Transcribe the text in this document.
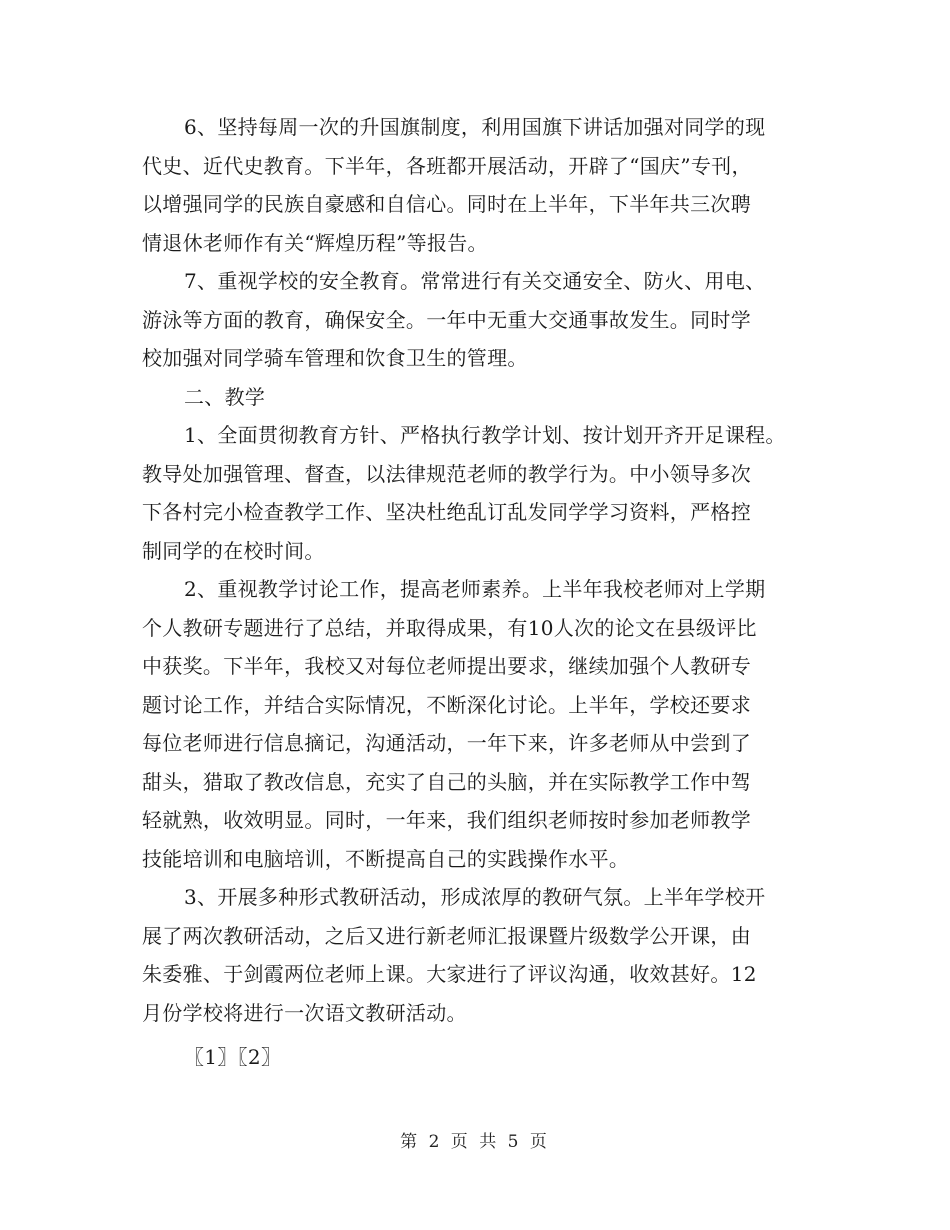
6、坚持每周一次的升国旗制度，利用国旗下讲话加强对同学的现
代史、近代史教育。下半年，各班都开展活动，开辟了“国庆”专刊，
以增强同学的民族自豪感和自信心。同时在上半年，下半年共三次聘
情退休老师作有关“辉煌历程”等报告。
7、重视学校的安全教育。常常进行有关交通安全、防火、用电、
游泳等方面的教育，确保安全。一年中无重大交通事故发生。同时学
校加强对同学骑车管理和饮食卫生的管理。
二、教学
1、全面贯彻教育方针、严格执行教学计划、按计划开齐开足课程。
教导处加强管理、督查，以法律规范老师的教学行为。中小领导多次
下各村完小检查教学工作、坚决杜绝乱订乱发同学学习资料，严格控
制同学的在校时间。
2、重视教学讨论工作，提高老师素养。上半年我校老师对上学期
个人教研专题进行了总结，并取得成果，有10人次的论文在县级评比
中获奖。下半年，我校又对每位老师提出要求，继续加强个人教研专
题讨论工作，并结合实际情况，不断深化讨论。上半年，学校还要求
每位老师进行信息摘记，沟通活动，一年下来，许多老师从中尝到了
甜头，猎取了教改信息，充实了自己的头脑，并在实际教学工作中驾
轻就熟，收效明显。同时，一年来，我们组织老师按时参加老师教学
技能培训和电脑培训，不断提高自己的实践操作水平。
3、开展多种形式教研活动，形成浓厚的教研气氛。上半年学校开
展了两次教研活动，之后又进行新老师汇报课暨片级数学公开课，由
朱委雅、于剑霞两位老师上课。大家进行了评议沟通，收效甚好。12
月份学校将进行一次语文教研活动。
〖1〗〖2〗
第 2 页 共 5 页
